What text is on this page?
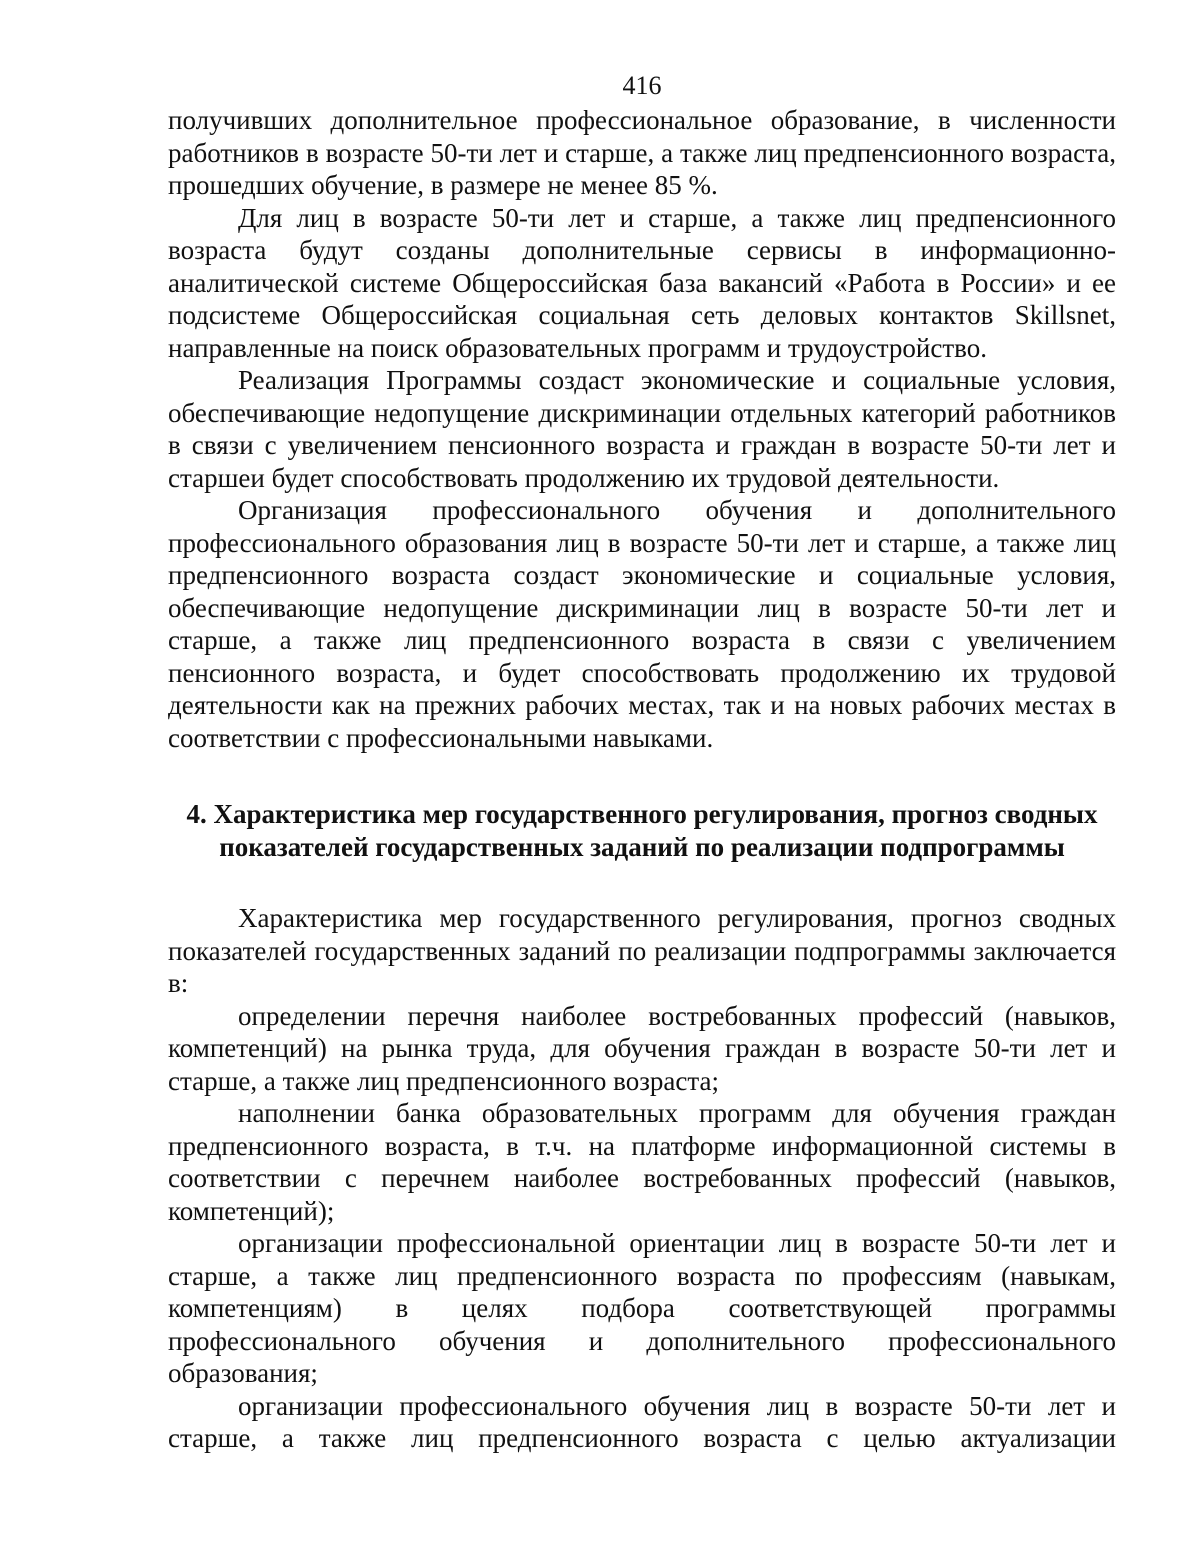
416

получивших дополнительное профессиональное образование, в численности работников в возрасте 50-ти лет и старше, а также лиц предпенсионного возраста, прошедших обучение, в размере не менее 85 %.

Для лиц в возрасте 50-ти лет и старше, а также лиц предпенсионного возраста будут созданы дополнительные сервисы в информационно-аналитической системе Общероссийская база вакансий «Работа в России» и ее подсистеме Общероссийская социальная сеть деловых контактов Skillsnet, направленные на поиск образовательных программ и трудоустройство.

Реализация Программы создаст экономические и социальные условия, обеспечивающие недопущение дискриминации отдельных категорий работников в связи с увеличением пенсионного возраста и граждан в возрасте 50-ти лет и старшеи будет способствовать продолжению их трудовой деятельности.

Организация профессионального обучения и дополнительного профессионального образования лиц в возрасте 50-ти лет и старше, а также лиц предпенсионного возраста создаст экономические и социальные условия, обеспечивающие недопущение дискриминации лиц в возрасте 50-ти лет и старше, а также лиц предпенсионного возраста в связи с увеличением пенсионного возраста, и будет способствовать продолжению их трудовой деятельности как на прежних рабочих местах, так и на новых рабочих местах в соответствии с профессиональными навыками.

4. Характеристика мер государственного регулирования, прогноз сводных
показателей государственных заданий по реализации подпрограммы

Характеристика мер государственного регулирования, прогноз сводных показателей государственных заданий по реализации подпрограммы заключается в:

определении перечня наиболее востребованных профессий (навыков, компетенций) на рынка труда, для обучения граждан в возрасте 50-ти лет и старше, а также лиц предпенсионного возраста;

наполнении банка образовательных программ для обучения граждан предпенсионного возраста, в т.ч. на платформе информационной системы в соответствии с перечнем наиболее востребованных профессий (навыков, компетенций);

организации профессиональной ориентации лиц в возрасте 50-ти лет и старше, а также лиц предпенсионного возраста по профессиям (навыкам, компетенциям) в целях подбора соответствующей программы профессионального обучения и дополнительного профессионального образования;

организации профессионального обучения лиц в возрасте 50-ти лет и старше, а также лиц предпенсионного возраста с целью актуализации
